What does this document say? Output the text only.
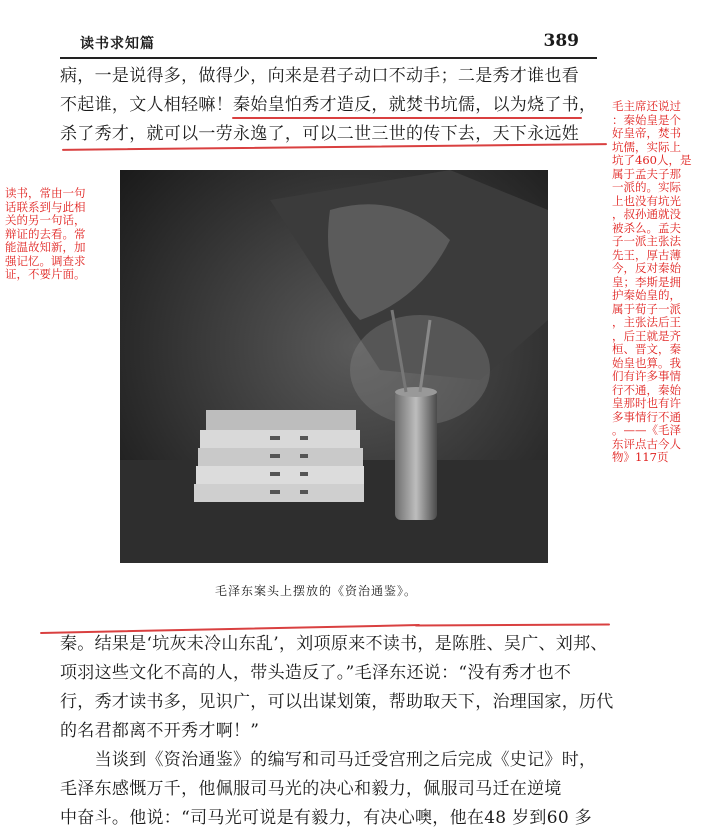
读书求知篇	389
病，一是说得多，做得少，向来是君子动口不动手；二是秀才谁也看
不起谁，文人相轻嘛！秦始皇怕秀才造反，就焚书坑儒，以为烧了书，
杀了秀才，就可以一劳永逸了，可以二世三世的传下去，天下永远姓
读书，常由一句
话联系到与此相
关的另一句话，
辩证的去看。常
能温故知新，加
强记忆。调查求
证，不要片面。
毛主席还说过
：秦始皇是个
好皇帝，焚书
坑儒，实际上
坑了460人，是
属于孟夫子那
一派的。实际
上也没有坑光
，叔孙通就没
被杀么。孟夫
子一派主张法
先王，厚古薄
今，反对秦始
皇；李斯是拥
护秦始皇的，
属于荀子一派
，主张法后王
，后王就是齐
桓、晋文，秦
始皇也算。我
们有许多事情
行不通，秦始
皇那时也有许
多事情行不通
。——《毛泽
东评点古今人
物》117页
毛泽东案头上摆放的《资治通鉴》。
秦。结果是‘坑灰未冷山东乱’，刘项原来不读书，是陈胜、吴广、刘邦、
项羽这些文化不高的人，带头造反了。”毛泽东还说：“没有秀才也不
行，秀才读书多，见识广，可以出谋划策，帮助取天下，治理国家，历代
的名君都离不开秀才啊！”
　　当谈到《资治通鉴》的编写和司马迁受宫刑之后完成《史记》时，
毛泽东感慨万千，他佩服司马光的决心和毅力，佩服司马迁在逆境
中奋斗。他说：“司马光可说是有毅力，有决心噢，他在48 岁到60 多
